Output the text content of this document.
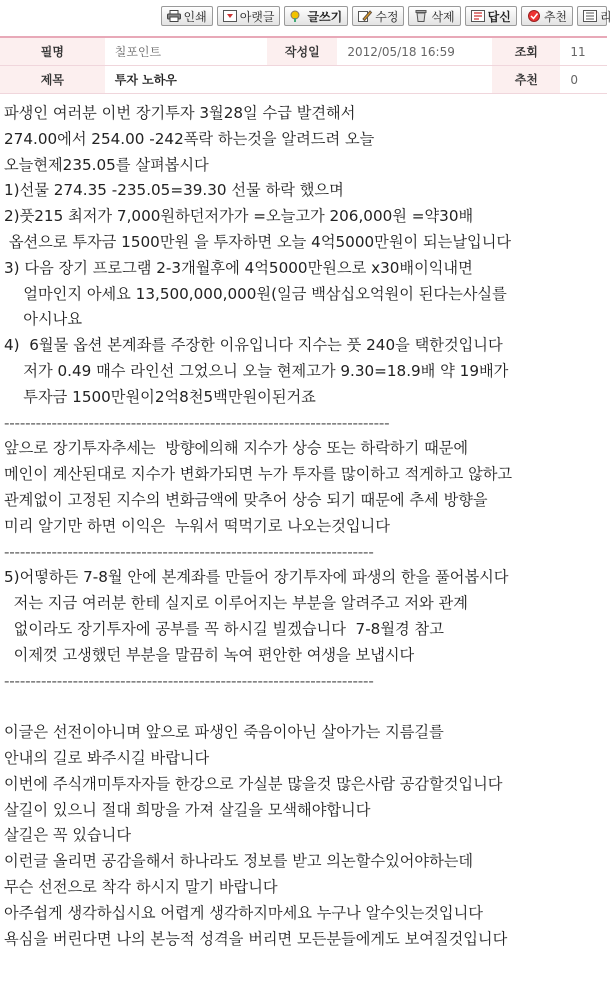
인쇄	아랫글	글쓰기	수정	삭제	답신	추천	리
필명	칠포인트	작성일	2012/05/18 16:59	조회	11
제목	투자 노하우			추천	0
파생인 여러분 이번 장기투자 3월28일 수급 발견해서
274.00에서 254.00 -242폭락 하는것을 알려드려 오늘
오늘현제235.05를 살펴봅시다
1)선물 274.35 -235.05=39.30 선물 하락 했으며
2)풋215 최저가 7,000원하던저가가 =오늘고가 206,000원 =약30배
옵션으로 투자금 1500만원 을 투자하면 오늘 4억5000만원이 되는날입니다
3) 다음 장기 프로그램 2-3개월후에 4억5000만원으로 x30배이익내면
얼마인지 아세요 13,500,000,000원(일금 백삼십오억원이 된다는사실를
아시나요
4)  6월물 옵션 본계좌를 주장한 이유입니다 지수는 풋 240을 택한것입니다
저가 0.49 매수 라인선 그었으니 오늘 현제고가 9.30=18.9배 약 19배가
투자금 1500만원이2억8천5백만원이된거죠
-------------------------------------------------------------------------
앞으로 장기투자추세는  방향에의해 지수가 상승 또는 하락하기 때문에
메인이 계산된대로 지수가 변화가되면 누가 투자를 많이하고 적게하고 않하고
관계없이 고정된 지수의 변화금액에 맞추어 상승 되기 때문에 추세 방향을
미리 알기만 하면 이익은  누워서 떡먹기로 나오는것입니다
----------------------------------------------------------------------
5)어떻하든 7-8월 안에 본계좌를 만들어 장기투자에 파생의 한을 풀어봅시다
저는 지금 여러분 한테 실지로 이루어지는 부분을 알려주고 저와 관계
없이라도 장기투자에 공부를 꼭 하시길 빌겠습니다  7-8월경 참고
이제껏 고생했던 부분을 말끔히 녹여 편안한 여생을 보냅시다
----------------------------------------------------------------------
이글은 선전이아니며 앞으로 파생인 죽음이아닌 살아가는 지름길를
안내의 길로 봐주시길 바랍니다
이번에 주식개미투자자들 한강으로 가실분 많을것 많은사람 공감할것입니다
살길이 있으니 절대 희망을 가져 살길을 모색해야합니다
살길은 꼭 있습니다
이런글 올리면 공감을해서 하나라도 정보를 받고 의논할수있어야하는데
무슨 선전으로 착각 하시지 말기 바랍니다
아주쉽게 생각하십시요 어렵게 생각하지마세요 누구나 알수잇는것입니다
욕심을 버린다면 나의 본능적 성격을 버리면 모든분들에게도 보여질것입니다
